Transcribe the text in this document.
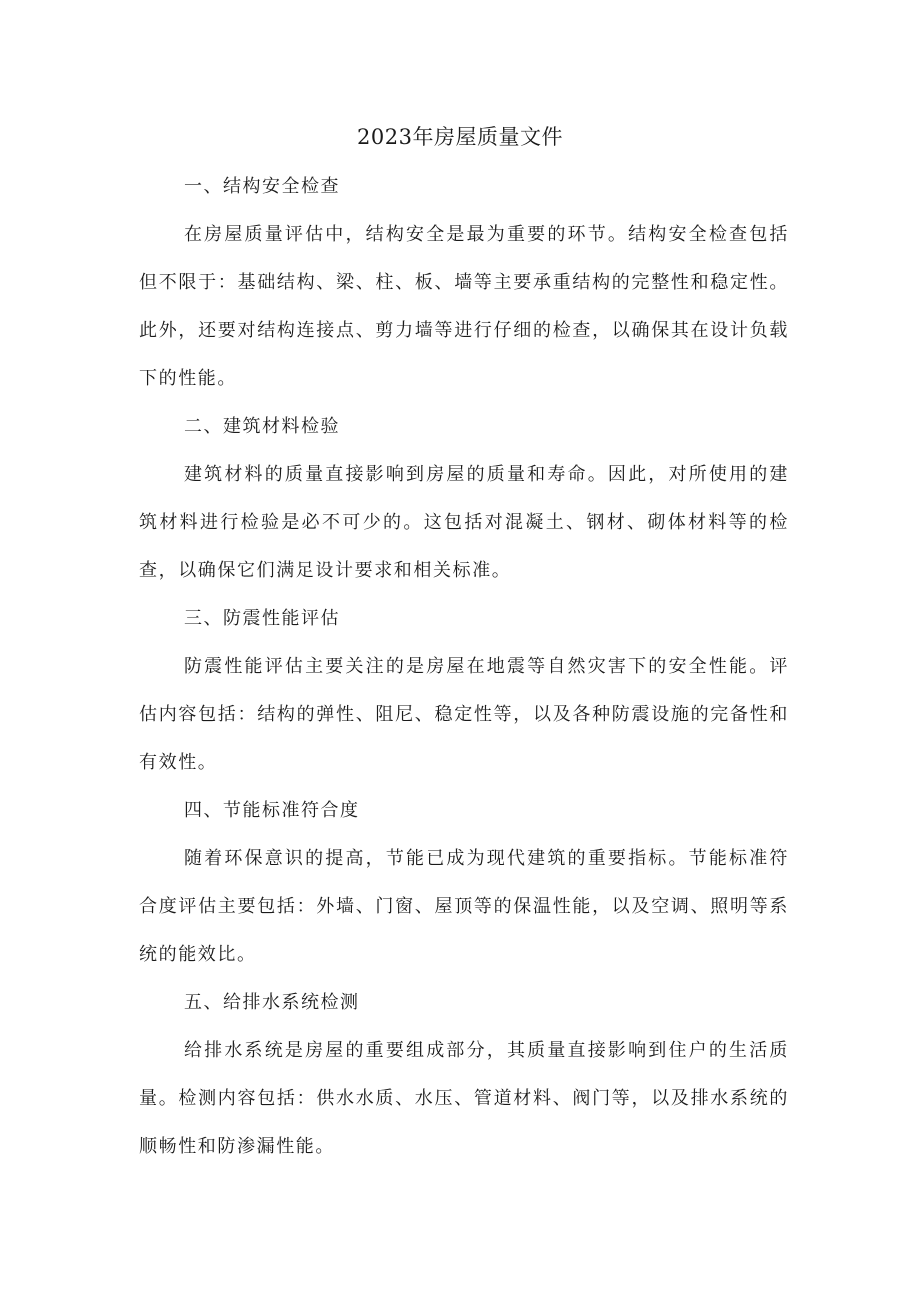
2023年房屋质量文件
一、结构安全检查

在房屋质量评估中，结构安全是最为重要的环节。结构安全检查包括但不限于：基础结构、梁、柱、板、墙等主要承重结构的完整性和稳定性。此外，还要对结构连接点、剪力墙等进行仔细的检查，以确保其在设计负载下的性能。

二、建筑材料检验

建筑材料的质量直接影响到房屋的质量和寿命。因此，对所使用的建筑材料进行检验是必不可少的。这包括对混凝土、钢材、砌体材料等的检查，以确保它们满足设计要求和相关标准。

三、防震性能评估

防震性能评估主要关注的是房屋在地震等自然灾害下的安全性能。评估内容包括：结构的弹性、阻尼、稳定性等，以及各种防震设施的完备性和有效性。

四、节能标准符合度

随着环保意识的提高，节能已成为现代建筑的重要指标。节能标准符合度评估主要包括：外墙、门窗、屋顶等的保温性能，以及空调、照明等系统的能效比。

五、给排水系统检测

给排水系统是房屋的重要组成部分，其质量直接影响到住户的生活质量。检测内容包括：供水水质、水压、管道材料、阀门等，以及排水系统的顺畅性和防渗漏性能。
